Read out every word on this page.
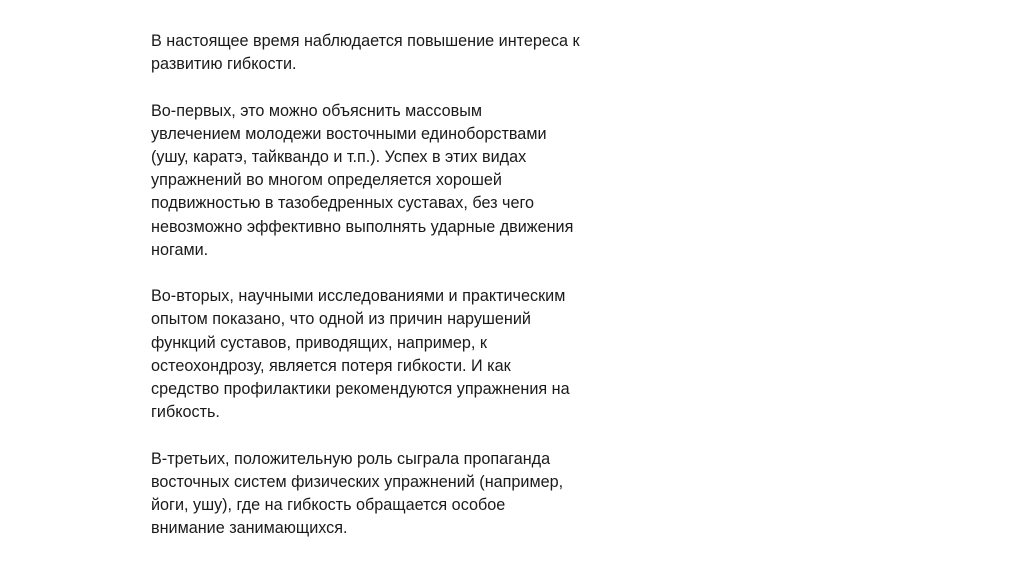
В настоящее время наблюдается повышение интереса к
развитию гибкости.

Во-первых, это можно объяснить массовым
увлечением молодежи восточными единоборствами
(ушу, каратэ, тайквандо и т.п.). Успех в этих видах
упражнений во многом определяется хорошей
подвижностью в тазобедренных суставах, без чего
невозможно эффективно выполнять ударные движения
ногами.

Во-вторых, научными исследованиями и практическим
опытом показано, что одной из причин нарушений
функций суставов, приводящих, например, к
остеохондрозу, является потеря гибкости. И как
средство профилактики рекомендуются упражнения на
гибкость.

В-третьих, положительную роль сыграла пропаганда
восточных систем физических упражнений (например,
йоги, ушу), где на гибкость обращается особое
внимание занимающихся.
